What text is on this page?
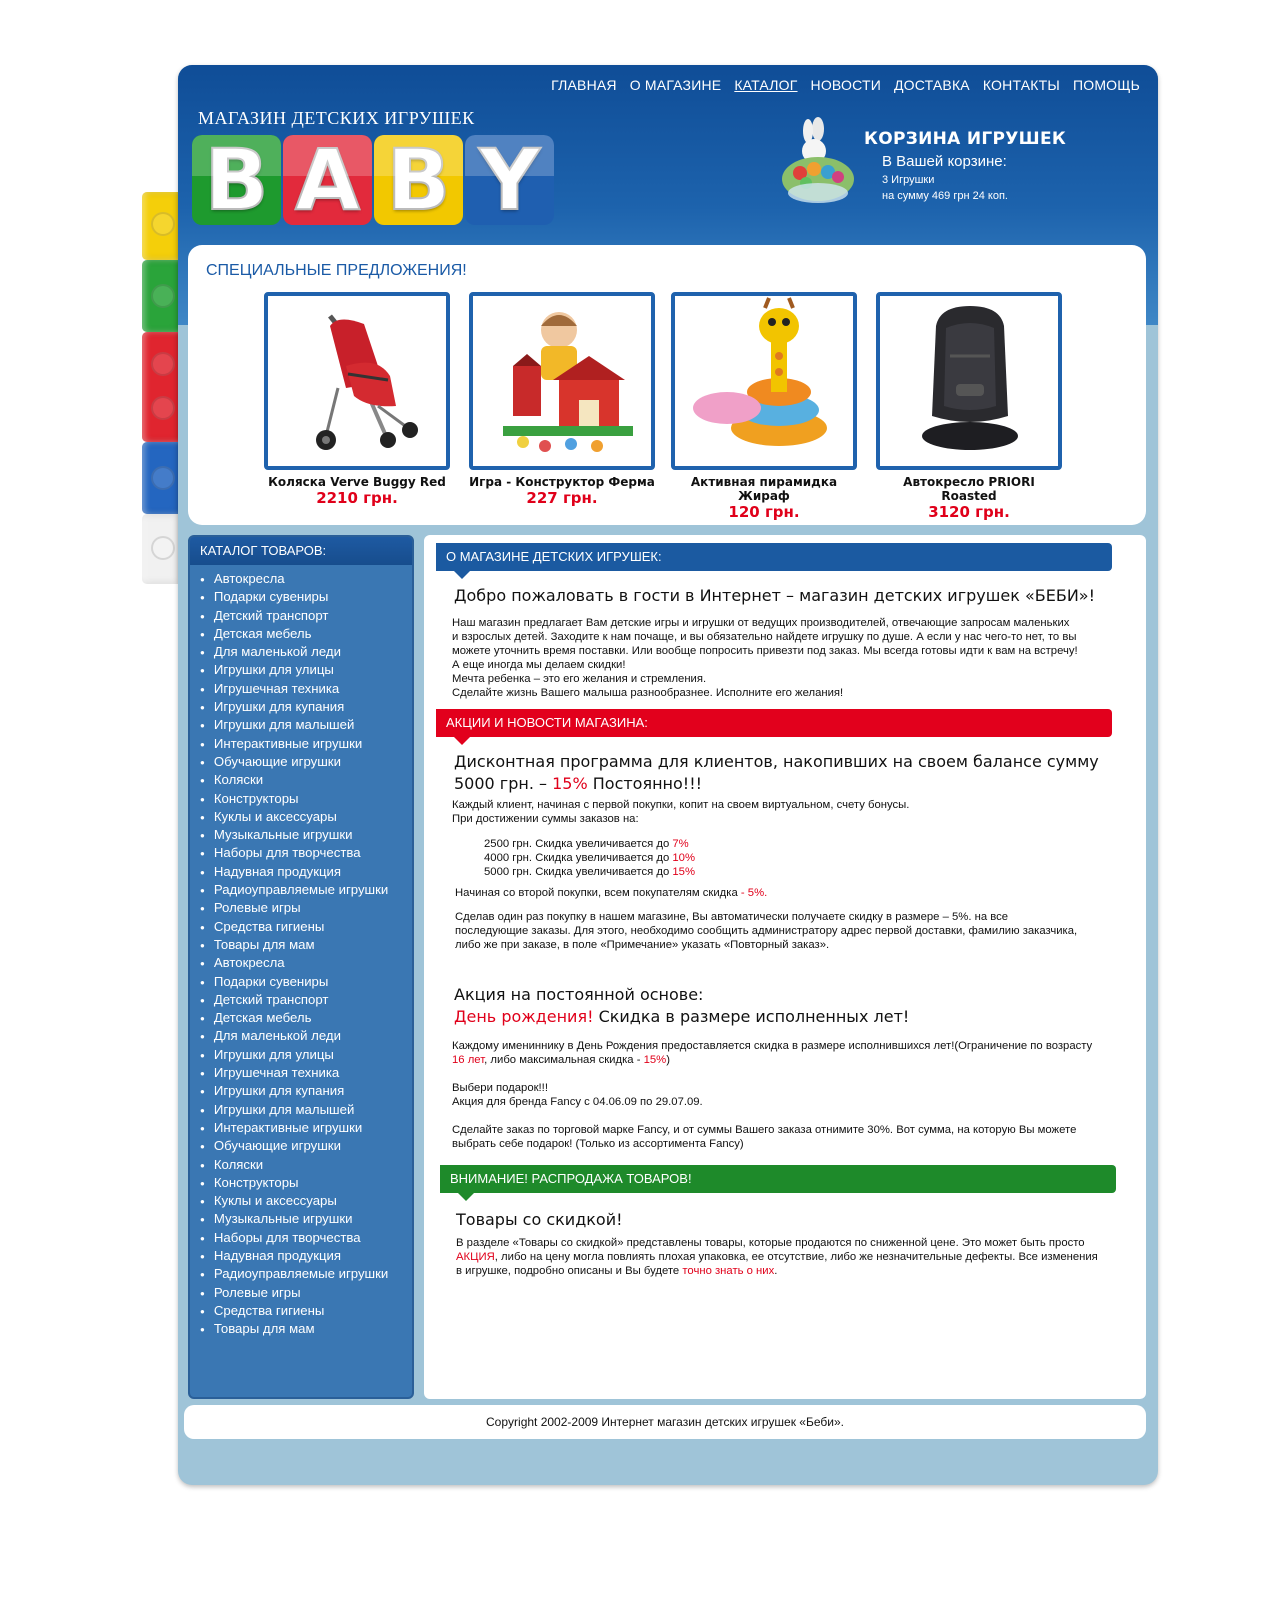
ГЛАВНАЯ О МАГАЗИНЕ КАТАЛОГ НОВОСТИ ДОСТАВКА КОНТАКТЫ ПОМОЩЬ
МАГАЗИН ДЕТСКИХ ИГРУШЕК
B A B Y	КОРЗИНА ИГРУШЕК
В Вашей корзине:
3 Игрушки
на сумму 469 грн 24 коп.
СПЕЦИАЛЬНЫЕ ПРЕДЛОЖЕНИЯ!
Коляска Verve Buggy Red
2210 грн.
Игра - Конструктор Ферма
227 грн.
Активная пирамидка Жираф
120 грн.
Автокресло PRIORI Roasted
3120 грн.
КАТАЛОГ ТОВАРОВ:
● Автокресла
● Подарки сувениры
● Детский транспорт
● Детская мебель
● Для маленькой леди
● Игрушки для улицы
● Игрушечная техника
● Игрушки для купания
● Игрушки для малышей
● Интерактивные игрушки
● Обучающие игрушки
● Коляски
● Конструкторы
● Куклы и аксессуары
● Музыкальные игрушки
● Наборы для творчества
● Надувная продукция
● Радиоуправляемые игрушки
● Ролевые игры
● Средства гигиены
● Товары для мам
● Автокресла
● Подарки сувениры
● Детский транспорт
● Детская мебель
● Для маленькой леди
● Игрушки для улицы
● Игрушечная техника
● Игрушки для купания
● Игрушки для малышей
● Интерактивные игрушки
● Обучающие игрушки
● Коляски
● Конструкторы
● Куклы и аксессуары
● Музыкальные игрушки
● Наборы для творчества
● Надувная продукция
● Радиоуправляемые игрушки
● Ролевые игры
● Средства гигиены
● Товары для мам
О МАГАЗИНЕ ДЕТСКИХ ИГРУШЕК:
Добро пожаловать в гости в Интернет – магазин детских игрушек «БЕБИ»!
Наш магазин предлагает Вам детские игры и игрушки от ведущих производителей, отвечающие запросам маленьких
и взрослых детей. Заходите к нам почаще, и вы обязательно найдете игрушку по душе. А если у нас чего-то нет, то вы
можете уточнить время поставки. Или вообще попросить привезти под заказ. Мы всегда готовы идти к вам на встречу!
А еще иногда мы делаем скидки!
Мечта ребенка – это его желания и стремления.
Сделайте жизнь Вашего малыша разнообразнее. Исполните его желания!
АКЦИИ И НОВОСТИ МАГАЗИНА:
Дисконтная программа для клиентов, накопивших на своем балансе сумму
5000 грн. – 15% Постоянно!!!
Каждый клиент, начиная с первой покупки, копит на своем виртуальном, счету бонусы.
При достижении суммы заказов на:
2500 грн. Скидка увеличивается до 7%
4000 грн. Скидка увеличивается до 10%
5000 грн. Скидка увеличивается до 15%
Начиная со второй покупки, всем покупателям скидка - 5%.
Сделав один раз покупку в нашем магазине, Вы автоматически получаете скидку в размере – 5%. на все
последующие заказы. Для этого, необходимо сообщить администратору адрес первой доставки, фамилию заказчика,
либо же при заказе, в поле «Примечание» указать «Повторный заказ».
Акция на постоянной основе:
День рождения! Скидка в размере исполненных лет!
Каждому имениннику в День Рождения предоставляется скидка в размере исполнившихся лет!(Ограничение по возрасту
16 лет, либо максимальная скидка - 15%)
Выбери подарок!!!
Акция для бренда Fancy с 04.06.09 по 29.07.09.
Сделайте заказ по торговой марке Fancy, и от суммы Вашего заказа отнимите 30%. Вот сумма, на которую Вы можете
выбрать себе подарок! (Только из ассортимента Fancy)
ВНИМАНИЕ! РАСПРОДАЖА ТОВАРОВ!
Товары со скидкой!
В разделе «Товары со скидкой» представлены товары, которые продаются по сниженной цене. Это может быть просто
АКЦИЯ, либо на цену могла повлиять плохая упаковка, ее отсутствие, либо же незначительные дефекты. Все изменения
в игрушке, подробно описаны и Вы будете точно знать о них.
Copyright 2002-2009 Интернет магазин детских игрушек «Беби».
